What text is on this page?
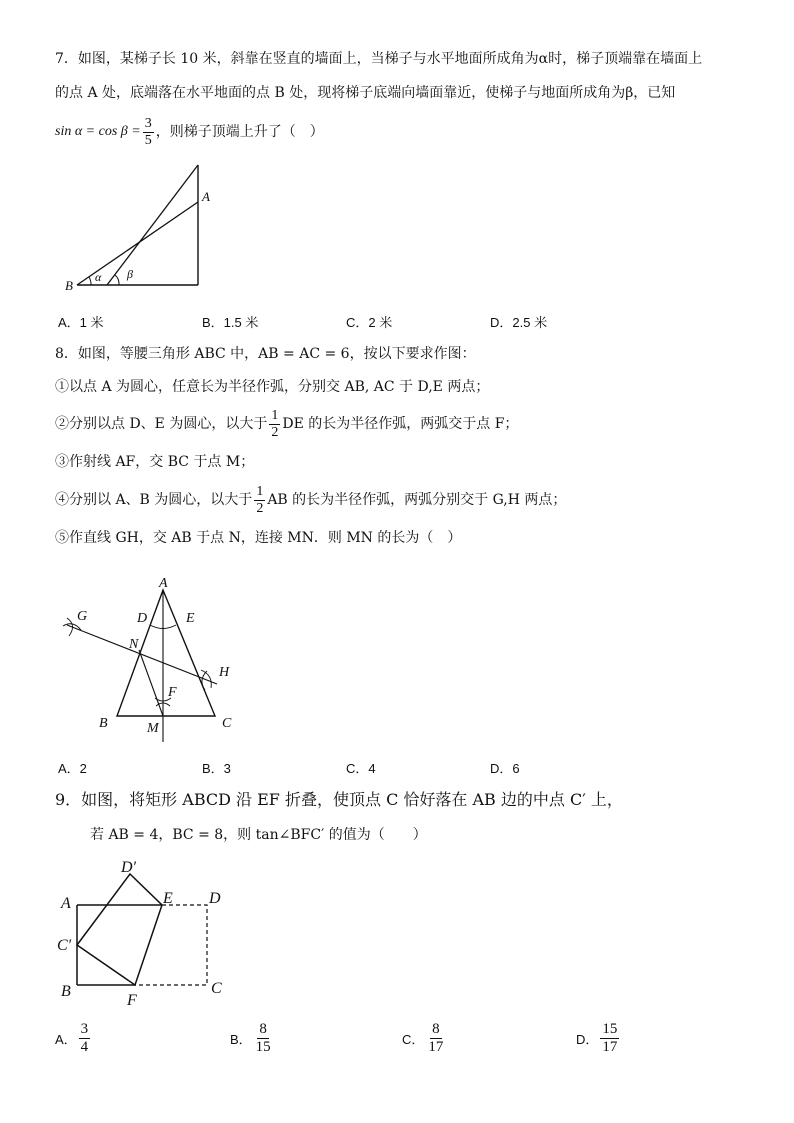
7．如图，某梯子长 10 米，斜靠在竖直的墙面上，当梯子与水平地面所成角为α时，梯子顶端靠在墙面上
的点 A 处，底端落在水平地面的点 B 处，现将梯子底端向墙面靠近，使梯子与地面所成角为β，已知
$\sin \alpha = \cos \beta = \frac{3}{5}$ ，则梯子顶端上升了（　）
A
B
α β
A．1 米	B．1.5 米	C．2 米	D．2.5 米
8．如图，等腰三角形 ABC 中，AB = AC = 6，按以下要求作图：
①以点 A 为圆心，任意长为半径作弧，分别交 AB, AC 于 D,E 两点；
②分别以点 D、E 为圆心，以大于 $\frac{1}{2}$ DE 的长为半径作弧，两弧交于点 F；
③作射线 AF，交 BC 于点 M；
④分别以 A、B 为圆心，以大于 $\frac{1}{2}$ AB 的长为半径作弧，两弧分别交于 G,H 两点；
⑤作直线 GH，交 AB 于点 N，连接 MN．则 MN 的长为（　）
A
B	C
D	E
F
G
H
M
N
A．2	B．3	C．4	D．6
9．如图，将矩形 ABCD 沿 EF 折叠，使顶点 C 恰好落在 AB 边的中点 C′ 上，
若 AB = 4，BC = 8，则 tan∠BFC′ 的值为（　　）
A
B	C
D
D′
E
F
C′
A． $\frac{3}{4}$	B． $\frac{8}{15}$	C． $\frac{8}{17}$	D． $\frac{15}{17}$
